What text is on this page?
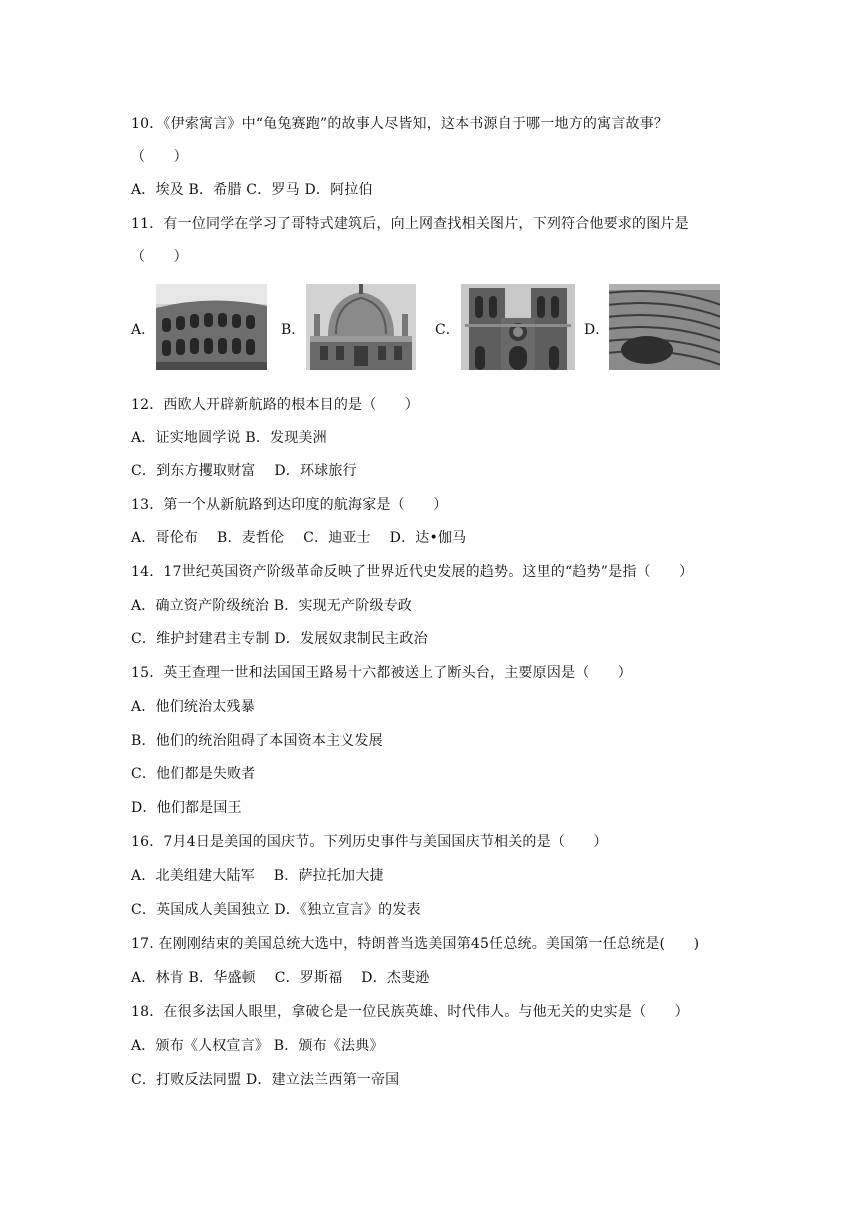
10．《伊索寓言》中“龟兔赛跑”的故事人尽皆知，这本书源自于哪一地方的寓言故事？
（　　）
A．埃及 B．希腊 C．罗马 D．阿拉伯
11．有一位同学在学习了哥特式建筑后，向上网查找相关图片，下列符合他要求的图片是
（　　）
A．	B．	C．	D．
12．西欧人开辟新航路的根本目的是（　　）
A．证实地圆学说 B．发现美洲
C．到东方攫取财富　 D．环球旅行
13．第一个从新航路到达印度的航海家是（　　）
A．哥伦布　 B．麦哲伦　 C．迪亚士　 D．达•伽马
14．17世纪英国资产阶级革命反映了世界近代史发展的趋势。这里的“趋势”是指（　　）
A．确立资产阶级统治 B．实现无产阶级专政
C．维护封建君主专制 D．发展奴隶制民主政治
15．英王查理一世和法国国王路易十六都被送上了断头台，主要原因是（　　）
A．他们统治太残暴
B．他们的统治阻碍了本国资本主义发展
C．他们都是失败者
D．他们都是国王
16．7月4日是美国的国庆节。下列历史事件与美国国庆节相关的是（　　）
A．北美组建大陆军　 B．萨拉托加大捷
C．英国成人美国独立 D．《独立宣言》的发表
17. 在刚刚结束的美国总统大选中，特朗普当选美国第45任总统。美国第一任总统是(　　)
A．林肯 B．华盛顿　 C．罗斯福　 D．杰斐逊
18．在很多法国人眼里，拿破仑是一位民族英雄、时代伟人。与他无关的史实是（　　）
A．颁布《人权宣言》 B．颁布《法典》
C．打败反法同盟 D．建立法兰西第一帝国
